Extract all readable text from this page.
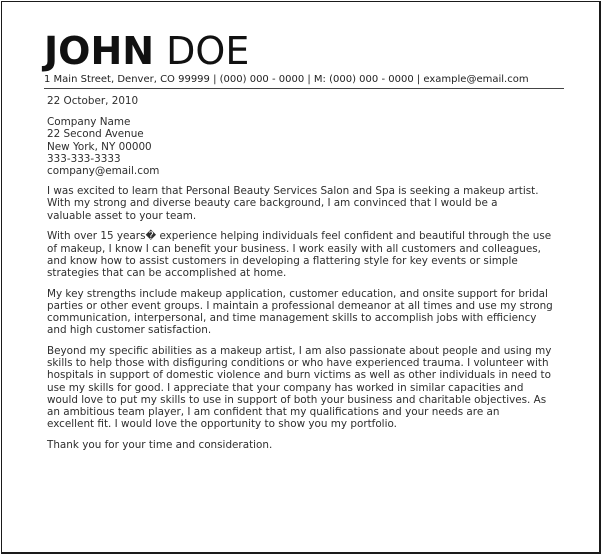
JOHN DOE
1 Main Street, Denver, CO 99999 | (000) 000 - 0000 | M: (000) 000 - 0000 | example@email.com
22 October, 2010
Company Name
22 Second Avenue
New York, NY 00000
333-333-3333
company@email.com
I was excited to learn that Personal Beauty Services Salon and Spa is seeking a makeup artist.
With my strong and diverse beauty care background, I am convinced that I would be a
valuable asset to your team.
With over 15 years� experience helping individuals feel confident and beautiful through the use
of makeup, I know I can benefit your business. I work easily with all customers and colleagues,
and know how to assist customers in developing a flattering style for key events or simple
strategies that can be accomplished at home.
My key strengths include makeup application, customer education, and onsite support for bridal
parties or other event groups. I maintain a professional demeanor at all times and use my strong
communication, interpersonal, and time management skills to accomplish jobs with efficiency
and high customer satisfaction.
Beyond my specific abilities as a makeup artist, I am also passionate about people and using my
skills to help those with disfiguring conditions or who have experienced trauma. I volunteer with
hospitals in support of domestic violence and burn victims as well as other individuals in need to
use my skills for good. I appreciate that your company has worked in similar capacities and
would love to put my skills to use in support of both your business and charitable objectives. As
an ambitious team player, I am confident that my qualifications and your needs are an
excellent fit. I would love the opportunity to show you my portfolio.
Thank you for your time and consideration.
